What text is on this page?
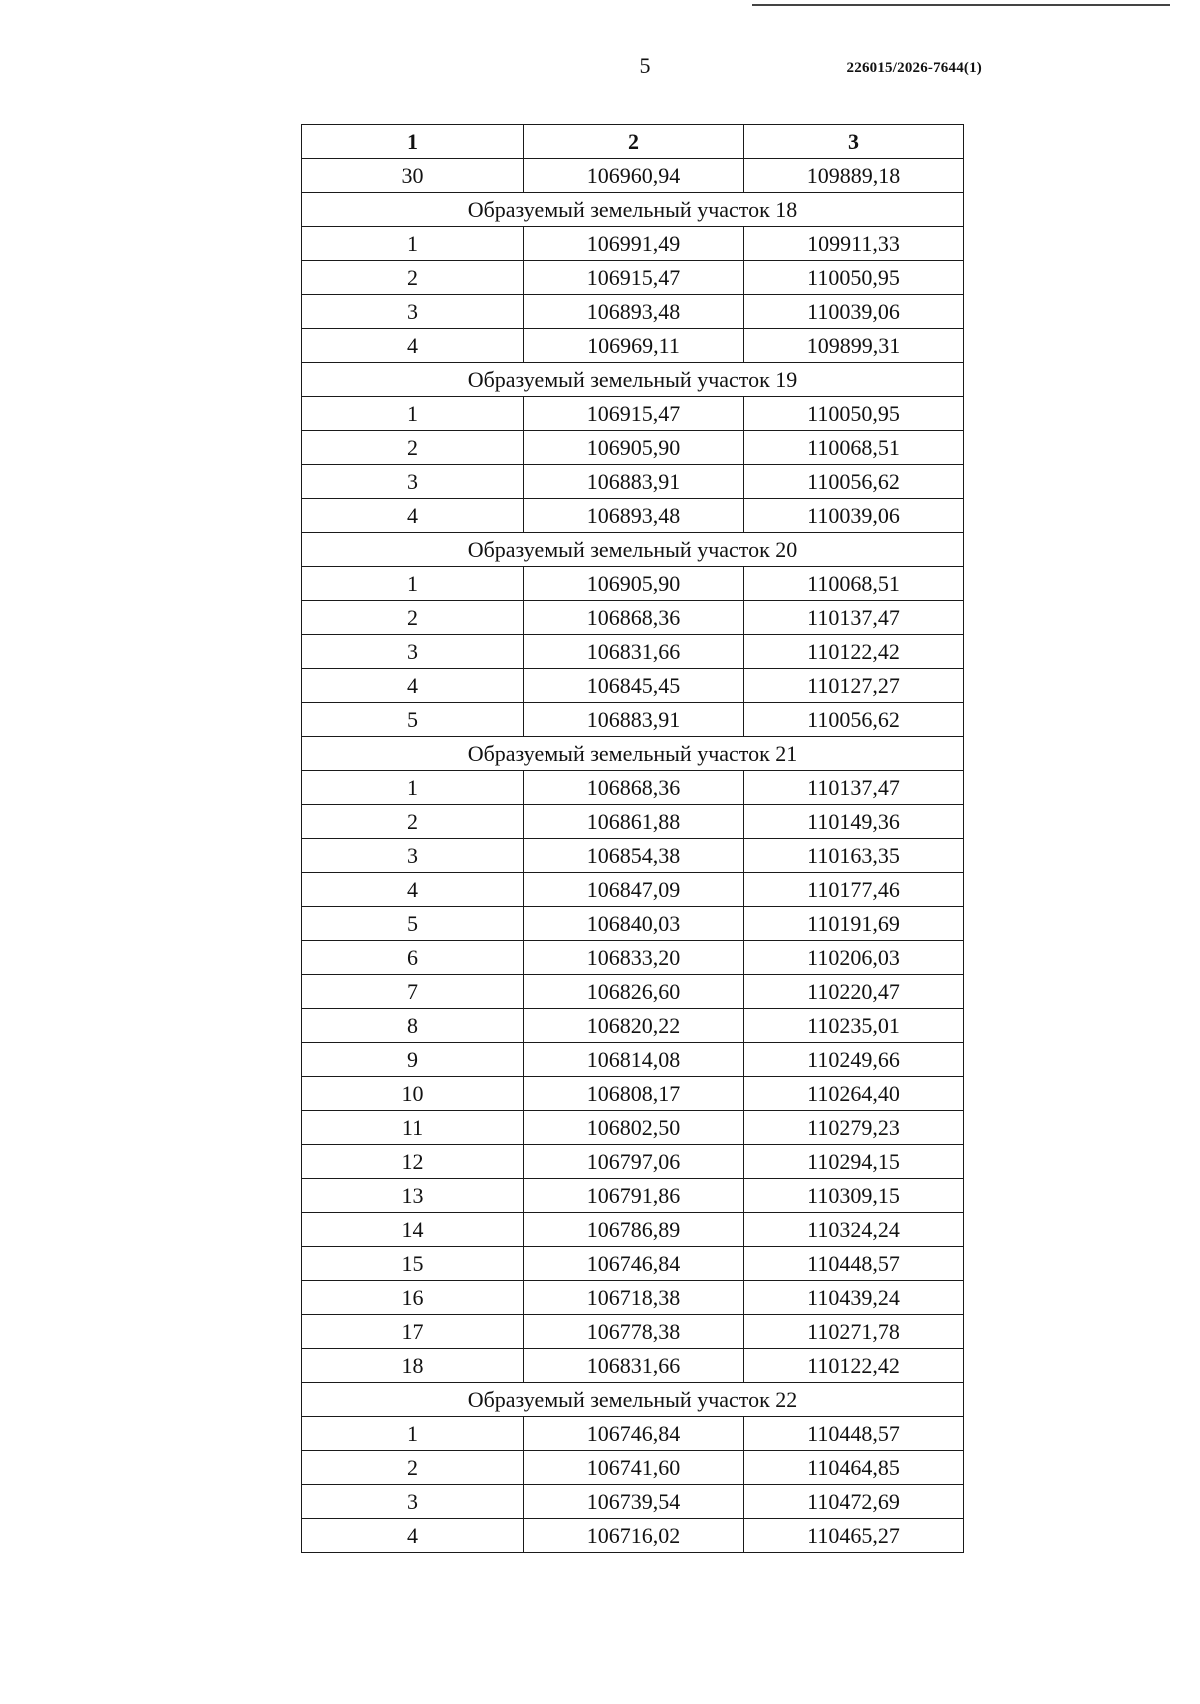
5	226015/2026-7644(1)
1	2	3
30	106960,94	109889,18
Образуемый земельный участок 18		
1	106991,49	109911,33
2	106915,47	110050,95
3	106893,48	110039,06
4	106969,11	109899,31
Образуемый земельный участок 19		
1	106915,47	110050,95
2	106905,90	110068,51
3	106883,91	110056,62
4	106893,48	110039,06
Образуемый земельный участок 20		
1	106905,90	110068,51
2	106868,36	110137,47
3	106831,66	110122,42
4	106845,45	110127,27
5	106883,91	110056,62
Образуемый земельный участок 21		
1	106868,36	110137,47
2	106861,88	110149,36
3	106854,38	110163,35
4	106847,09	110177,46
5	106840,03	110191,69
6	106833,20	110206,03
7	106826,60	110220,47
8	106820,22	110235,01
9	106814,08	110249,66
10	106808,17	110264,40
11	106802,50	110279,23
12	106797,06	110294,15
13	106791,86	110309,15
14	106786,89	110324,24
15	106746,84	110448,57
16	106718,38	110439,24
17	106778,38	110271,78
18	106831,66	110122,42
Образуемый земельный участок 22		
1	106746,84	110448,57
2	106741,60	110464,85
3	106739,54	110472,69
4	106716,02	110465,27
